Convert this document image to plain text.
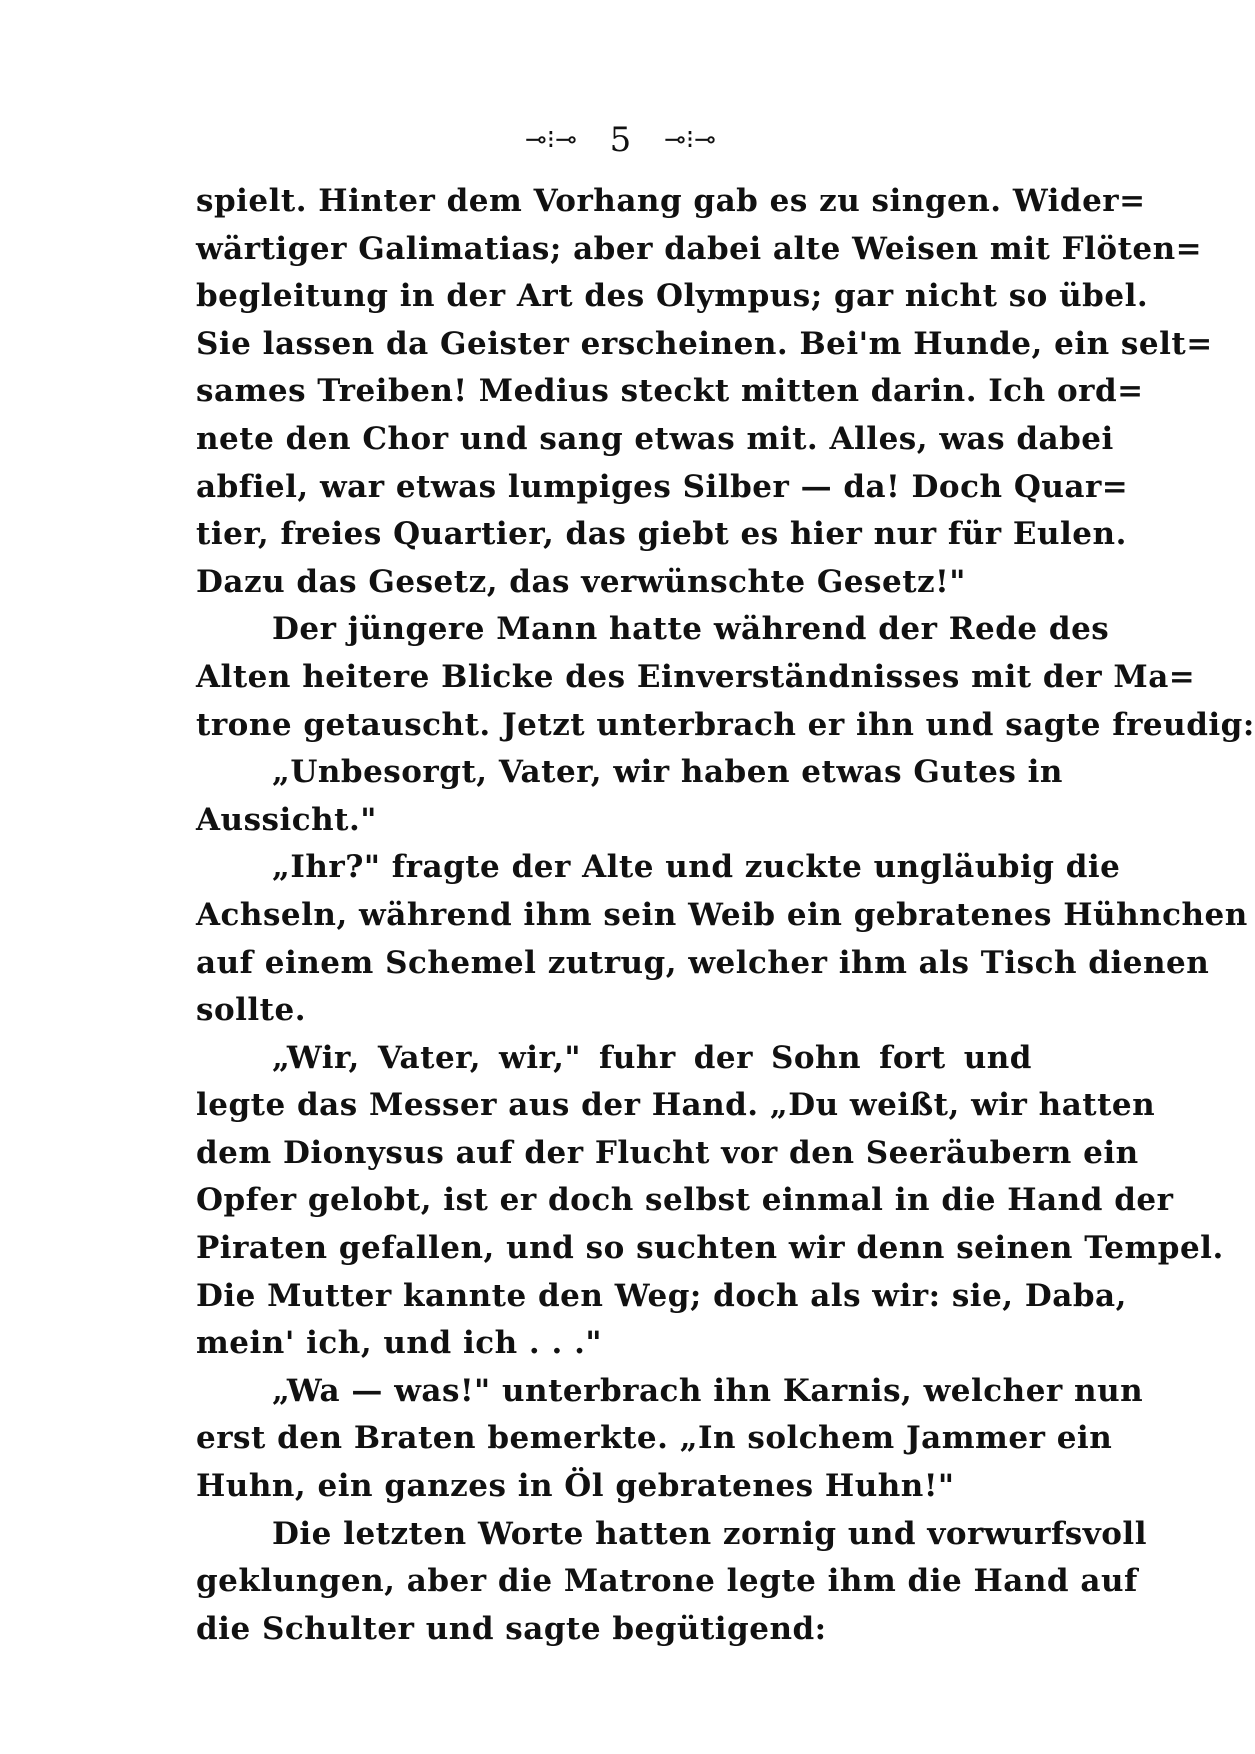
⊸⁝⊸ 5 ⊸⁝⊸
spielt. Hinter dem Vorhang gab es zu singen. Wider=
wärtiger Galimatias; aber dabei alte Weisen mit Flöten=
begleitung in der Art des Olympus; gar nicht so übel.
Sie lassen da Geister erscheinen. Bei'm Hunde, ein selt=
sames Treiben! Medius steckt mitten darin. Ich ord=
nete den Chor und sang etwas mit. Alles, was dabei
abfiel, war etwas lumpiges Silber — da! Doch Quar=
tier, freies Quartier, das giebt es hier nur für Eulen.
Dazu das Gesetz, das verwünschte Gesetz!"
Der jüngere Mann hatte während der Rede des
Alten heitere Blicke des Einverständnisses mit der Ma=
trone getauscht. Jetzt unterbrach er ihn und sagte freudig:
„Unbesorgt, Vater, wir haben etwas Gutes in
Aussicht."
„Ihr?" fragte der Alte und zuckte ungläubig die
Achseln, während ihm sein Weib ein gebratenes Hühnchen
auf einem Schemel zutrug, welcher ihm als Tisch dienen
sollte.
„Wir, Vater, wir," fuhr der Sohn fort und
legte das Messer aus der Hand. „Du weißt, wir hatten
dem Dionysus auf der Flucht vor den Seeräubern ein
Opfer gelobt, ist er doch selbst einmal in die Hand der
Piraten gefallen, und so suchten wir denn seinen Tempel.
Die Mutter kannte den Weg; doch als wir: sie, Daba,
mein' ich, und ich . . ."
„Wa — was!" unterbrach ihn Karnis, welcher nun
erst den Braten bemerkte. „In solchem Jammer ein
Huhn, ein ganzes in Öl gebratenes Huhn!"
Die letzten Worte hatten zornig und vorwurfsvoll
geklungen, aber die Matrone legte ihm die Hand auf
die Schulter und sagte begütigend:
